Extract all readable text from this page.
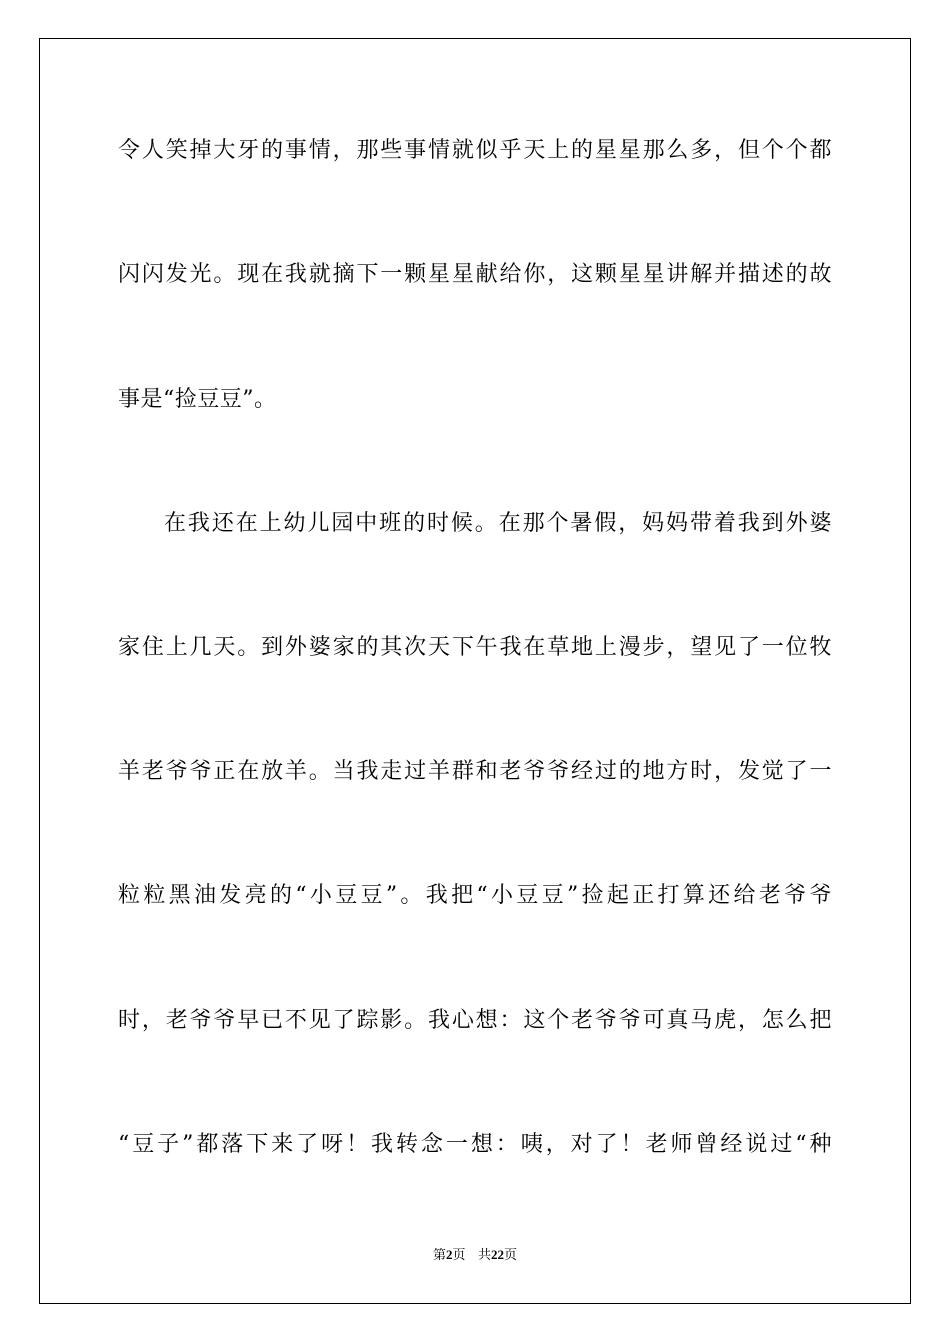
令人笑掉大牙的事情，那些事情就似乎天上的星星那么多，但个个都
闪闪发光。现在我就摘下一颗星星献给你，这颗星星讲解并描述的故
事是“捡豆豆”。
在我还在上幼儿园中班的时候。在那个暑假，妈妈带着我到外婆
家住上几天。到外婆家的其次天下午我在草地上漫步，望见了一位牧
羊老爷爷正在放羊。当我走过羊群和老爷爷经过的地方时，发觉了一
粒粒黑油发亮的“小豆豆”。我把“小豆豆”捡起正打算还给老爷爷
时，老爷爷早已不见了踪影。我心想：这个老爷爷可真马虎，怎么把
“豆子”都落下来了呀！我转念一想：咦，对了！老师曾经说过“种
第2页 共22页
